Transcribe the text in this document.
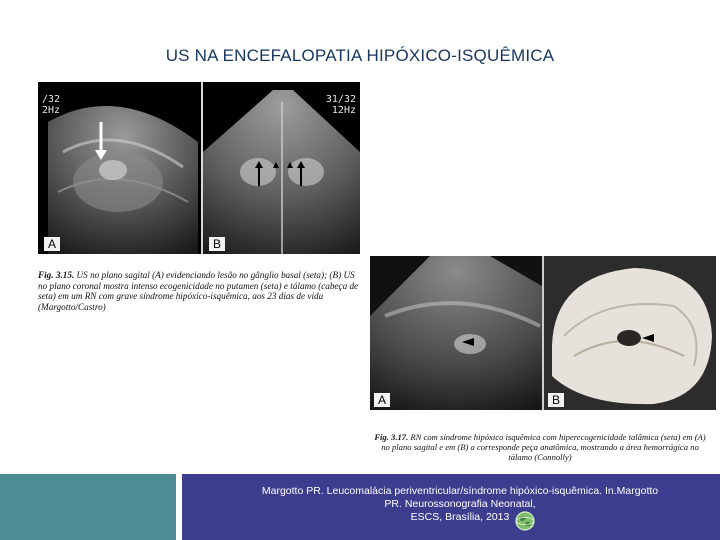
US NA ENCEFALOPATIA HIPÓXICO-ISQUÊMICA
/32
2Hz
A
31/32
12Hz
B
Fig. 3.15. US no plano sagital (A) evidenciando lesão no gânglio basal (seta); (B) US no plano coronal mostra intenso ecogenicidade no putamen (seta) e tálamo (cabeça de seta) em um RN com grave síndrome hipóxico-isquêmica, aos 23 dias de vida (Margotto/Castro)
A	B
Fig. 3.17. RN com síndrome hipóxico isquêmica com hiperecogenicidade talâmica (seta) em (A) no plano sagital e em (B) a corresponde peça anatômica, mostrando a área hemorrágica no tálamo (Connolly)
Margotto PR. Leucomalácia periventricular/síndrome hipóxico-isquêmica. In.Margotto
PR. Neurossonografia Neonatal,
ESCS, Brasília, 2013
